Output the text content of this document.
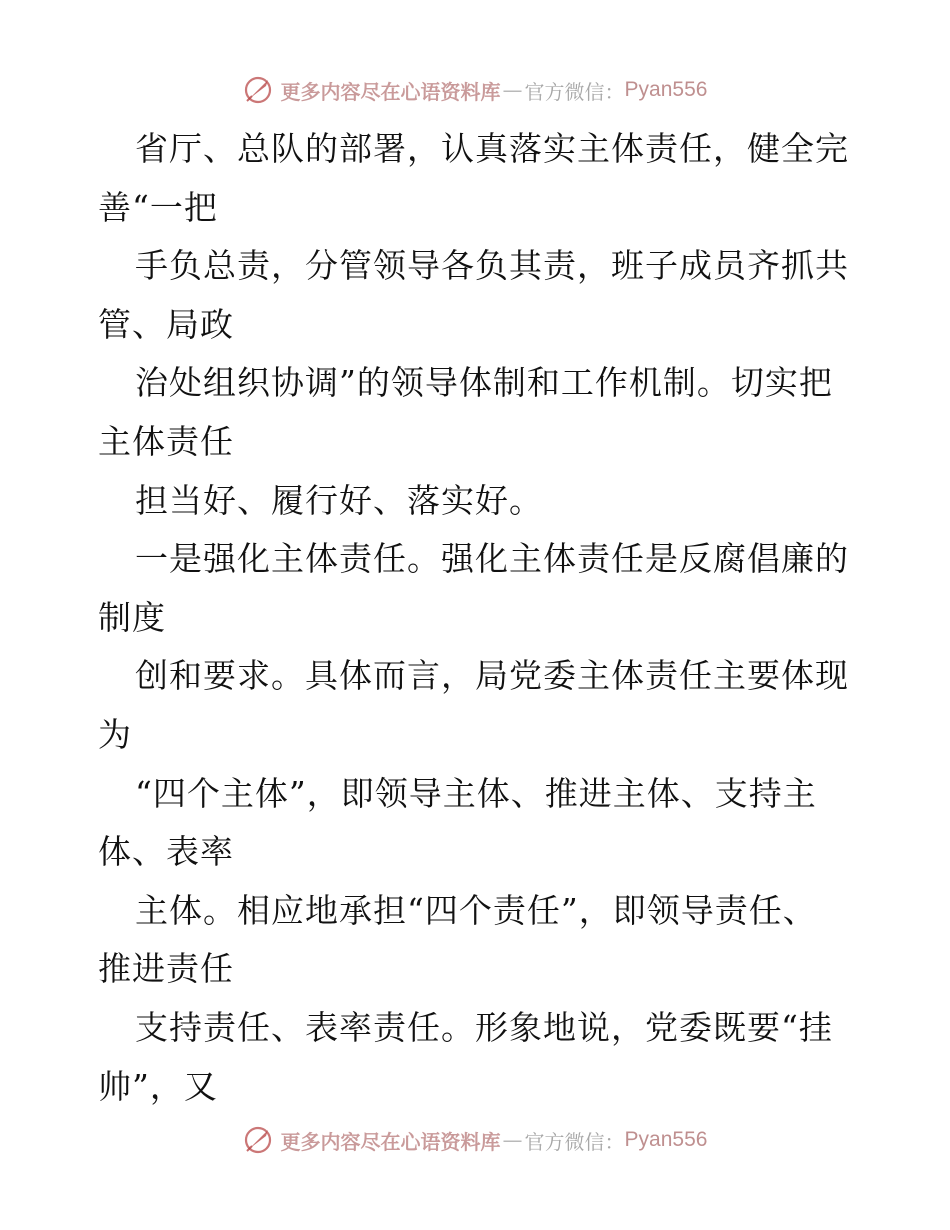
更多内容尽在心语资料库 — 官方微信： Pyan556
省厅、总队的部署，认真落实主体责任，健全完
善“一把
手负总责，分管领导各负其责，班子成员齐抓共
管、局政
治处组织协调”的领导体制和工作机制。切实把
主体责任
担当好、履行好、落实好。
一是强化主体责任。强化主体责任是反腐倡廉的
制度
创和要求。具体而言，局党委主体责任主要体现
为
“四个主体”，即领导主体、推进主体、支持主
体、表率
主体。相应地承担“四个责任”，即领导责任、
推进责任
支持责任、表率责任。形象地说，党委既要“挂
帅”，又
更多内容尽在心语资料库 — 官方微信： Pyan556
